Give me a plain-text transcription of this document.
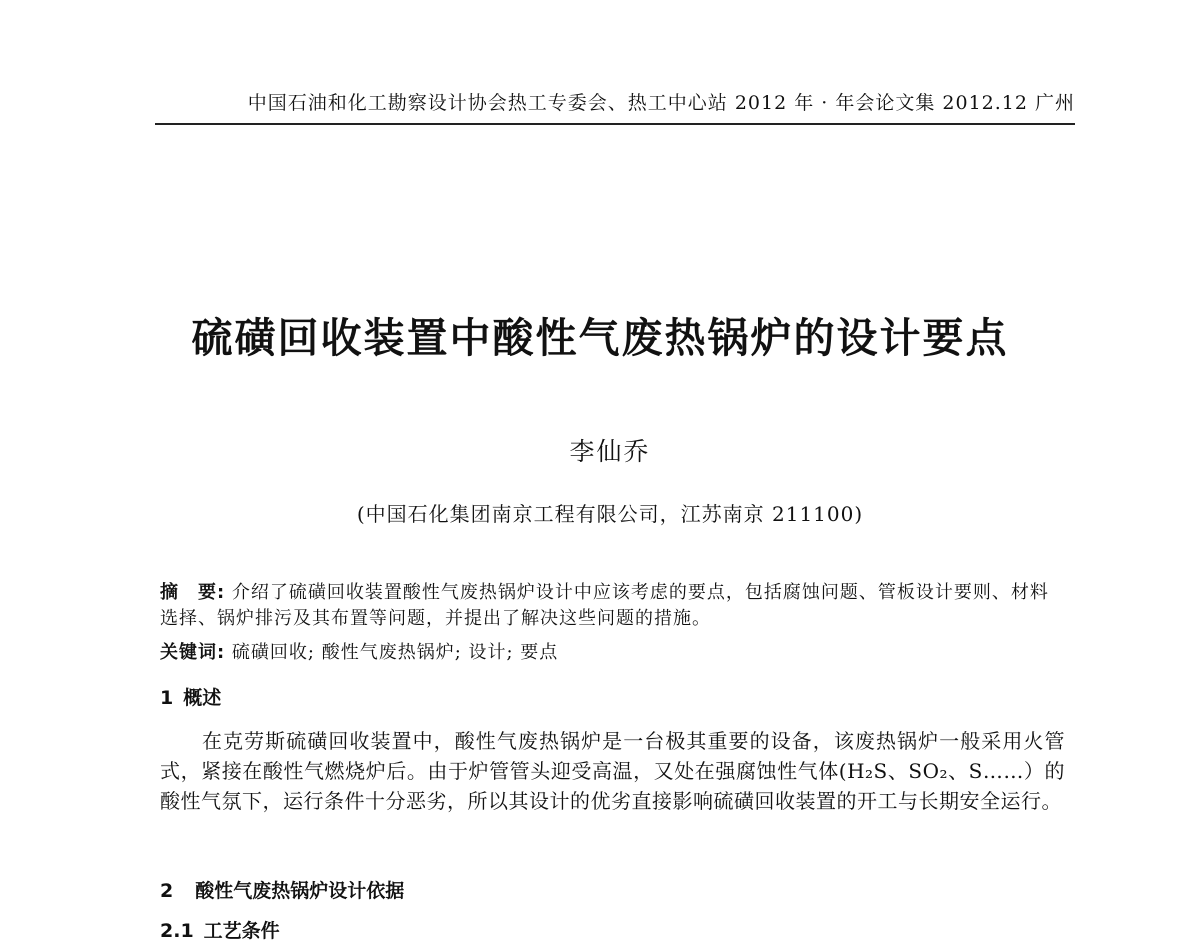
中国石油和化工勘察设计协会热工专委会、热工中心站 2012 年 · 年会论文集 2012.12 广州
硫磺回收装置中酸性气废热锅炉的设计要点
李仙乔
(中国石化集团南京工程有限公司，江苏南京 211100)
摘　要: 介绍了硫磺回收装置酸性气废热锅炉设计中应该考虑的要点，包括腐蚀问题、管板设计要则、材料选择、锅炉排污及其布置等问题，并提出了解决这些问题的措施。
关键词: 硫磺回收; 酸性气废热锅炉; 设计; 要点
1 概述
在克劳斯硫磺回收装置中，酸性气废热锅炉是一台极其重要的设备，该废热锅炉一般采用火管式，紧接在酸性气燃烧炉后。由于炉管管头迎受高温，又处在强腐蚀性气体(H₂S、SO₂、S……）的酸性气氛下，运行条件十分恶劣，所以其设计的优劣直接影响硫磺回收装置的开工与长期安全运行。
2 酸性气废热锅炉设计依据
2.1 工艺条件
